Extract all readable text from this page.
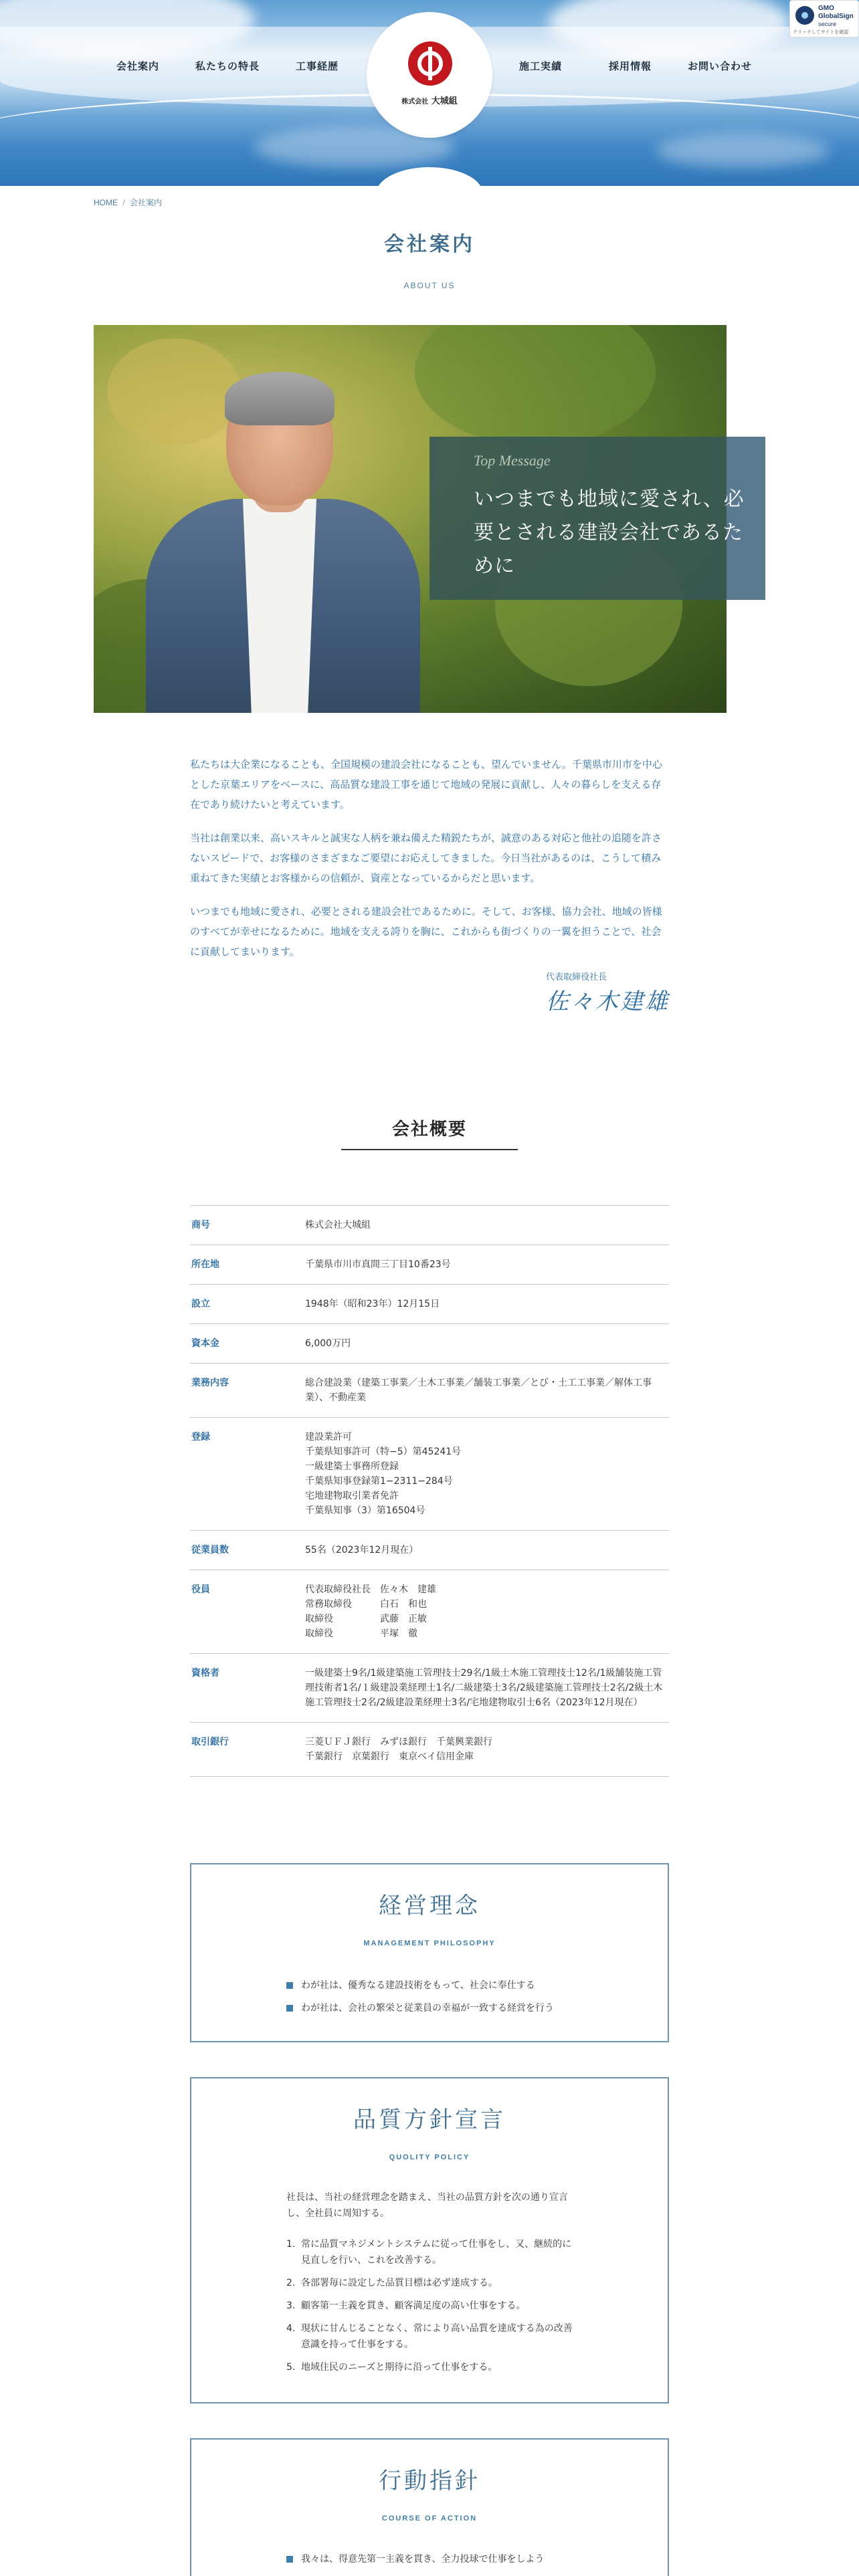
会社案内	私たちの特長	工事経歴	施工実績	採用情報	お問い合わせ
株式会社 大城組
GMO
GlobalSign
secure
クリックしてサイトを確認
HOME / 会社案内
会社案内
ABOUT US
Top Message
いつまでも地域に愛され、必要とされる建設会社であるために

私たちは大企業になることも、全国規模の建設会社になることも、望んでいません。千葉県市川市を中心とした京葉エリアをベースに、高品質な建設工事を通じて地域の発展に貢献し、人々の暮らしを支える存在であり続けたいと考えています。

当社は創業以来、高いスキルと誠実な人柄を兼ね備えた精鋭たちが、誠意のある対応と他社の追随を許さないスピードで、お客様のさまざまなご要望にお応えしてきました。今日当社があるのは、こうして積み重ねてきた実績とお客様からの信頼が、資産となっているからだと思います。

いつまでも地域に愛され、必要とされる建設会社であるために。そして、お客様、協力会社、地域の皆様のすべてが幸せになるために。地域を支える誇りを胸に、これからも街づくりの一翼を担うことで、社会に貢献してまいります。

代表取締役社長
佐々木建雄
会社概要
商号	株式会社大城組
所在地	千葉県市川市真間三丁目10番23号
設立	1948年（昭和23年）12月15日
資本金	6,000万円
業務内容	総合建設業（建築工事業／土木工事業／舗装工事業／とび・土工工事業／解体工事業）、不動産業
登録	建設業許可
千葉県知事許可（特−5）第45241号
一級建築士事務所登録
千葉県知事登録第1−2311−284号
宅地建物取引業者免許
千葉県知事（3）第16504号
従業員数	55名（2023年12月現在）
役員	代表取締役社長　佐々木　建雄
常務取締役　　　白石　和也
取締役　　　　　武藤　正敏
取締役　　　　　平塚　徹
資格者	一級建築士9名/1級建築施工管理技士29名/1級土木施工管理技士12名/1級舗装施工管理技術者1名/１級建設業経理士1名/二級建築士3名/2級建築施工管理技士2名/2級土木施工管理技士2名/2級建設業経理士3名/宅地建物取引士6名（2023年12月現在）
取引銀行	三菱ＵＦＪ銀行　みずほ銀行　千葉興業銀行
千葉銀行　京葉銀行　東京ベイ信用金庫
経営理念
MANAGEMENT PHILOSOPHY
わが社は、優秀なる建設技術をもって、社会に奉仕する
わが社は、会社の繁栄と従業員の幸福が一致する経営を行う
品質方針宣言
QUOLITY POLICY
社長は、当社の経営理念を踏まえ、当社の品質方針を次の通り宣言し、全社員に周知する。
1. 常に品質マネジメントシステムに従って仕事をし、又、継続的に見直しを行い、これを改善する。
2. 各部署毎に設定した品質目標は必ず達成する。
3. 顧客第一主義を貫き、顧客満足度の高い仕事をする。
4. 現状に甘んじることなく、常により高い品質を達成する為の改善意識を持って仕事をする。
5. 地域住民のニーズと期待に沿って仕事をする。
行動指針
COURSE OF ACTION
我々は、得意先第一主義を貫き、全力投球で仕事をしよう
